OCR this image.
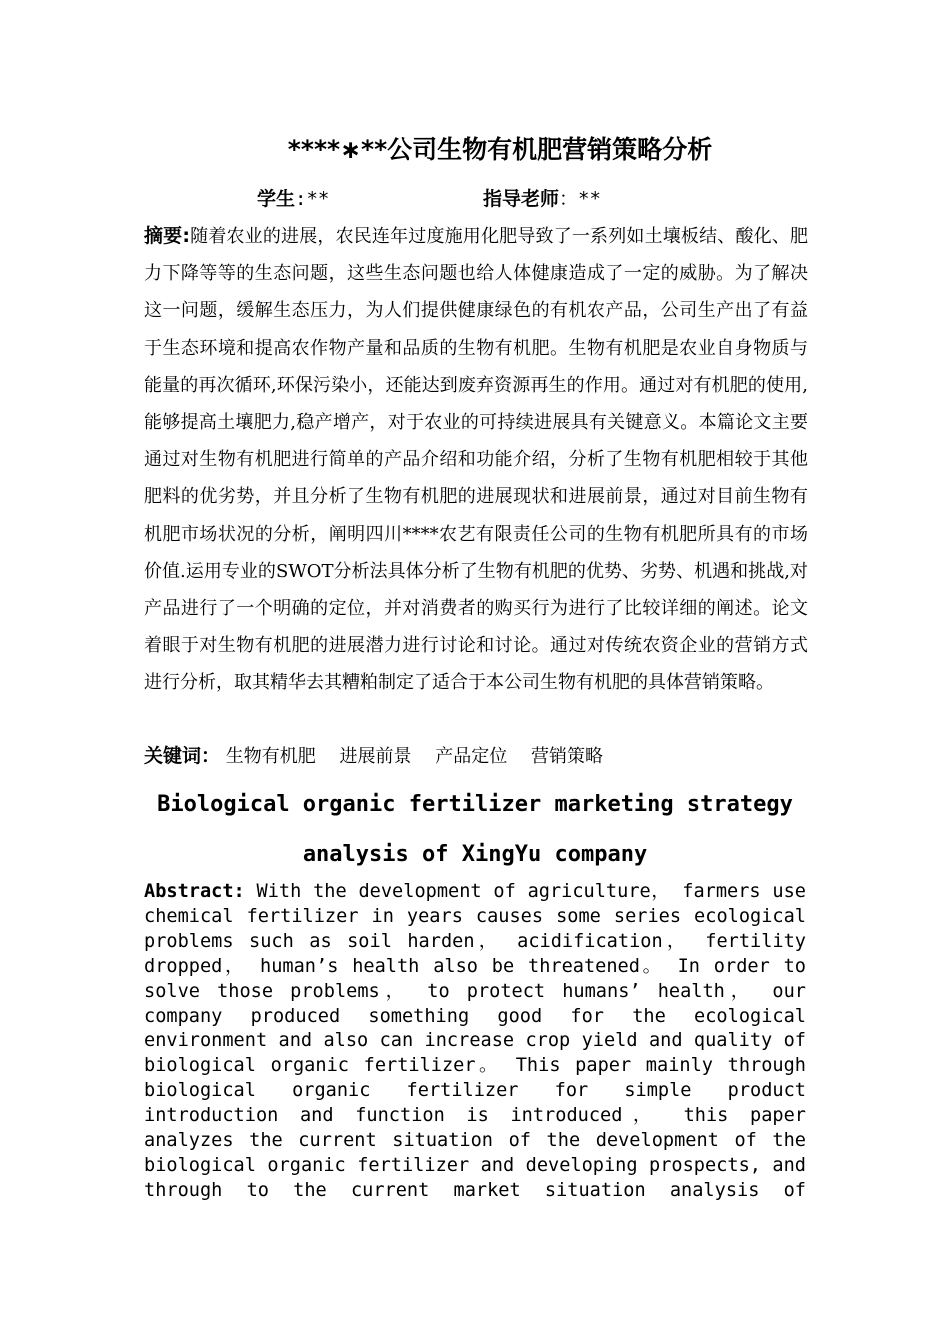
****∗**公司生物有机肥营销策略分析
学生:**	指导老师：**
摘要:随着农业的进展，农民连年过度施用化肥导致了一系列如土壤板结、酸化、肥力下降等等的生态问题，这些生态问题也给人体健康造成了一定的威胁。为了解决这一问题，缓解生态压力，为人们提供健康绿色的有机农产品，公司生产出了有益于生态环境和提高农作物产量和品质的生物有机肥。生物有机肥是农业自身物质与能量的再次循环,环保污染小，还能达到废弃资源再生的作用。通过对有机肥的使用,能够提高土壤肥力,稳产增产，对于农业的可持续进展具有关键意义。本篇论文主要通过对生物有机肥进行简单的产品介绍和功能介绍，分析了生物有机肥相较于其他肥料的优劣势，并且分析了生物有机肥的进展现状和进展前景，通过对目前生物有机肥市场状况的分析，阐明四川****农艺有限责任公司的生物有机肥所具有的市场价值.运用专业的SWOT分析法具体分析了生物有机肥的优势、劣势、机遇和挑战,对产品进行了一个明确的定位，并对消费者的购买行为进行了比较详细的阐述。论文着眼于对生物有机肥的进展潜力进行讨论和讨论。通过对传统农资企业的营销方式进行分析，取其精华去其糟粕制定了适合于本公司生物有机肥的具体营销策略。
关键词： 生物有机肥 进展前景 产品定位 营销策略
Biological organic fertilizer marketing strategy
analysis of XingYu company
Abstract: With the development of agriculture， farmers use chemical fertilizer in years causes some series ecological problems such as soil harden， acidification， fertility dropped， human’s health also be threatened。 In order to solve those problems， to protect humans’ health， our company produced something good for the ecological environment and also can increase crop yield and quality of biological organic fertilizer。 This paper mainly through biological organic fertilizer for simple product introduction and function is introduced， this paper analyzes the current situation of the development of the biological organic fertilizer and developing prospects, and through to the current market situation analysis of
